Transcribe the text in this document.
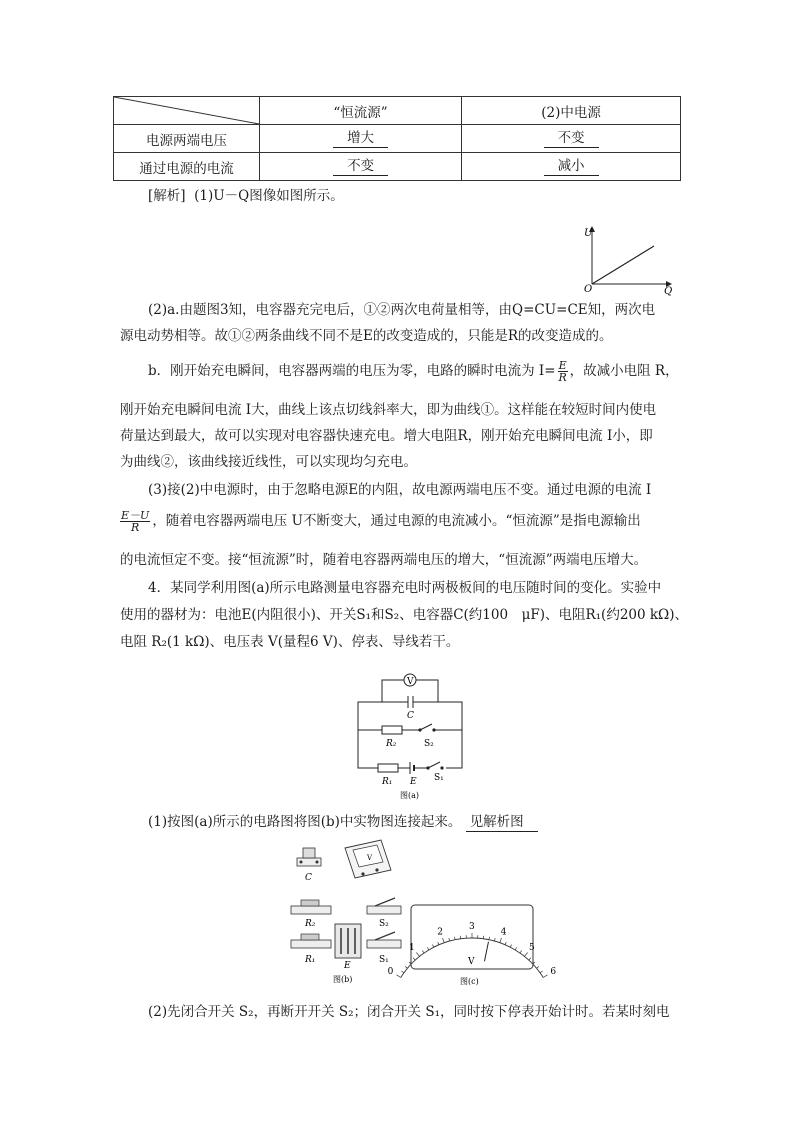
	“恒流源”	(2)中电源
电源两端电压	增大	不变
通过电源的电流	不变	减小
[解析] (1)U－Q图像如图所示。
U
Q
O
(2)a.由题图3知，电容器充完电后，①②两次电荷量相等，由Q=CU=CE知，两次电
源电动势相等。故①②两条曲线不同不是E的改变造成的，只能是R的改变造成的。
b．刚开始充电瞬间，电容器两端的电压为零，电路的瞬时电流为 $I= \frac{E}{R}$ ，故减小电阻 R，
刚开始充电瞬间电流 I大，曲线上该点切线斜率大，即为曲线①。这样能在较短时间内使电
荷量达到最大，故可以实现对电容器快速充电。增大电阻R，刚开始充电瞬间电流 I小，即
为曲线②，该曲线接近线性，可以实现均匀充电。
(3)接(2)中电源时，由于忽略电源E的内阻，故电源两端电压不变。通过电源的电流 I
$\frac{E-U}{R}$ ，随着电容器两端电压 U不断变大，通过电源的电流减小。“恒流源”是指电源输出
的电流恒定不变。接“恒流源”时，随着电容器两端电压的增大，“恒流源”两端电压增大。
4．某同学利用图(a)所示电路测量电容器充电时两极板间的电压随时间的变化。实验中
使用的器材为：电池E(内阻很小)、开关S₁和S₂、电容器C(约100　μF)、电阻R₁(约200 kΩ)、
电阻 R₂(1 kΩ)、电压表 V(量程6 V)、停表、导线若干。
V
C
R₂	S₂
R₁ E S₁
图(a)
(1)按图(a)所示的电路图将图(b)中实物图连接起来。 见解析图
C
V
R₂	S₂
E
R₁	S₁
图(b)
0
1
2
3
4
5
6
V
图(c)
(2)先闭合开关 S₂，再断开开关 S₂；闭合开关 S₁，同时按下停表开始计时。若某时刻电
